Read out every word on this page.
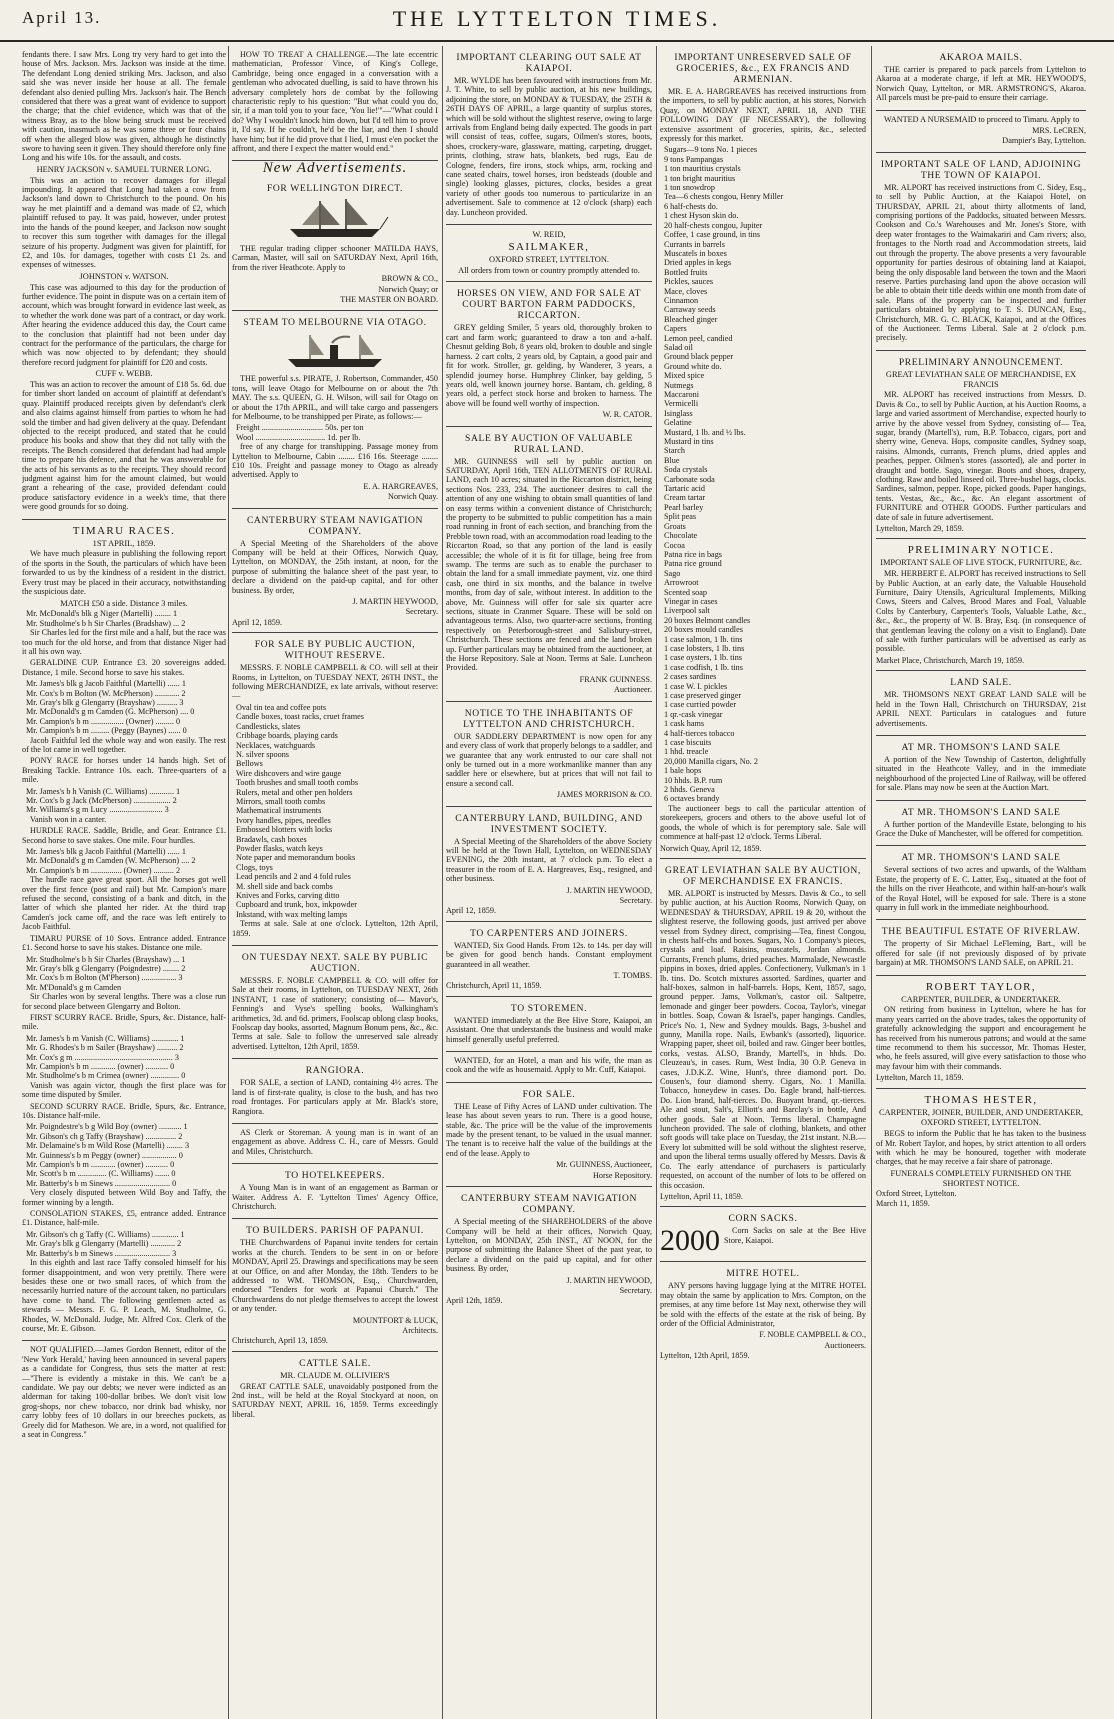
April 13.	THE LYTTELTON TIMES.

fendants there. I saw Mrs. Long try very hard to get into the house of Mrs. Jackson. Mrs. Jackson was inside at the time. The defendant Long denied striking Mrs. Jackson, and also said she was never inside her house at all. The female defendant also denied pulling Mrs. Jackson's hair. The Bench considered that there was a great want of evidence to support the charge; that the chief evidence, which was that of the witness Bray, as to the blow being struck must be received with caution, inasmuch as he was some three or four chains off when the alleged blow was given, although he distinctly swore to having seen it given. They should therefore only fine Long and his wife 10s. for the assault, and costs.

HENRY JACKSON v. SAMUEL TURNER LONG.

This was an action to recover damages for illegal impounding. It appeared that Long had taken a cow from Jackson's land down to Christchurch to the pound. On his way he met plaintiff and a demand was made of £2, which plaintiff refused to pay. It was paid, however, under protest into the hands of the pound keeper, and Jackson now sought to recover this sum together with damages for the illegal seizure of his property. Judgment was given for plaintiff, for £2, and 10s. for damages, together with costs £1 2s. and expenses of witnesses.

JOHNSTON v. WATSON.

This case was adjourned to this day for the production of further evidence. The point in dispute was on a certain item of account, which was brought forward in evidence last week, as to whether the work done was part of a contract, or day work. After hearing the evidence adduced this day, the Court came to the conclusion that plaintiff had not been under day contract for the performance of the particulars, the charge for which was now objected to by defendant; they should therefore record judgment for plaintiff for £20 and costs.

CUFF v. WEBB.

This was an action to recover the amount of £18 5s. 6d. due for timber short landed on account of plaintiff at defendant's quay. Plaintiff produced receipts given by defendant's clerk and also claims against himself from parties to whom he had sold the timber and had given delivery at the quay. Defendant objected to the receipt produced, and stated that he could produce his books and show that they did not tally with the receipts. The Bench considered that defendant had had ample time to prepare his defence, and that he was answerable for the acts of his servants as to the receipts. They should record judgment against him for the amount claimed, but would grant a rehearing of the case, provided defendant could produce satisfactory evidence in a week's time, that there were good grounds for so doing.

TIMARU RACES.
1ST APRIL, 1859.

We have much pleasure in publishing the following report of the sports in the South, the particulars of which have been forwarded to us by the kindness of a resident in the district. Every trust may be placed in their accuracy, notwithstanding the suspicious date.

MATCH £50 a side. Distance 3 miles.
Mr. McDonald's blk g Niger (Martelli) ........ 1
Mr. Studholme's b h Sir Charles (Bradshaw) ... 2

Sir Charles led for the first mile and a half, but the race was too much for the old horse, and from that distance Niger had it all his own way.

GERALDINE CUP. Entrance £3. 20 sovereigns added. Distance, 1 mile. Second horse to save his stakes.

Mr. James's blk g Jacob Faithful (Martelli) ...... 1
Mr. Cox's b m Bolton (W. McPherson) ............ 2
Mr. Gray's blk g Glengarry (Brayshaw) .......... 3
Mr. McDonald's g m Camden (G. McPherson) .... 0
Mr. Campion's b m ................ (Owner) ......... 0
Mr. Campion's b m ......... (Peggy (Baynes) ...... 0

Jacob Faithful led the whole way and won easily. The rest of the lot came in well together.

PONY RACE for horses under 14 hands high. Set of Breaking Tackle. Entrance 10s. each. Three-quarters of a mile.

Mr. James's b h Vanish (C. Williams) ............ 1
Mr. Cox's b g Jack (McPherson) .................. 2
Mr. Williams's g m Lucy .......................... 3

Vanish won in a canter.

HURDLE RACE. Saddle, Bridle, and Gear. Entrance £1. Second horse to save stakes. One mile. Four hurdles.

Mr. James's blk g Jacob Faithful (Martelli) ...... 1
Mr. McDonald's g m Camden (W. McPherson) .... 2
Mr. Campion's b m ............... (Owner) .......... 2

The hurdle race gave great sport. All the horses got well over the first fence (post and rail) but Mr. Campion's mare refused the second, consisting of a bank and ditch, in the latter of which she planted her rider. At the third trap Camden's jock came off, and the race was left entirely to Jacob Faithful.

TIMARU PURSE of 10 Sovs. Entrance added. Entrance £1. Second horse to save his stakes. Distance one mile.

Mr. Studholme's b h Sir Charles (Brayshaw) ... 1
Mr. Gray's blk g Glengarry (Poigndestre) ........ 2
Mr. Cox's b m Bolton (M'Pherson) ................. 3
Mr. M'Donald's g m Camden

Sir Charles won by several lengths. There was a close run for second place between Glengarry and Bolton.

FIRST SCURRY RACE. Bridle, Spurs, &c. Distance, half-mile.

Mr. James's b m Vanish (C. Williams) ............. 1
Mr. G. Rhodes's b m Sailer (Brayshaw) .......... 2
Mr. Cox's g m ................................................ 3
Mr. Campion's b m ............ (owner) ........... 0
Mr. Studholme's b m Crimea (owner) .............. 0

Vanish was again victor, though the first place was for some time disputed by Smiler.

SECOND SCURRY RACE. Bridle, Spurs, &c. Entrance, 10s. Distance half-mile.

Mr. Poigndestre's b g Wild Boy (owner) ........... 1
Mr. Gibson's ch g Taffy (Brayshaw) ............... 2
Mr. Delamaine's b m Wild Rose (Martelli) ........ 3
Mr. Guinness's b m Peggy (owner) ................. 0
Mr. Campion's b m ............ (owner) ........... 0
Mr. Scott's b m .............. (C. Williams) ....... 0
Mr. Batterby's b m Sinews ........................... 0

Very closely disputed between Wild Boy and Taffy, the former winning by a length.

CONSOLATION STAKES, £5, entrance added. Entrance £1. Distance, half-mile.

Mr. Gibson's ch g Taffy (C. Williams) ............. 1
Mr. Gray's blk g Glengarry (Martelli) ............ 2
Mr. Batterby's b m Sinews ........................... 3

In this eighth and last race Taffy consoled himself for his former disappointment, and won very prettily. There were besides these one or two small races, of which from the necessarily hurried nature of the account taken, no particulars have come to hand. The following gentlemen acted as stewards — Messrs. F. G. P. Leach, M. Studholme, G. Rhodes, W. McDonald. Judge, Mr. Alfred Cox. Clerk of the course, Mr. E. Gibson.

NOT QUALIFIED.—James Gordon Bennett, editor of the 'New York Herald,' having been announced in several papers as a candidate for Congress, thus sets the matter at rest:—"There is evidently a mistake in this. We can't be a candidate. We pay our debts; we never were indicted as an alderman for taking 100-dollar bribes. We don't visit low grog-shops, nor chew tobacco, nor drink bad whisky, nor carry lobby fees of 10 dollars in our breeches pockets, as Greely did for Matheson. We are, in a word, not qualified for a seat in Congress."

HOW TO TREAT A CHALLENGE.—The late eccentric mathematician, Professor Vince, of King's College, Cambridge, being once engaged in a conversation with a gentleman who advocated duelling, is said to have thrown his adversary completely hors de combat by the following characteristic reply to his question: "But what could you do, sir, if a man told you to your face, 'You lie!'"—"What could I do? Why I wouldn't knock him down, but I'd tell him to prove it, I'd say. If he couldn't, he'd be the liar, and then I should have him; but if he did prove that I lied, I must e'en pocket the affront, and there I expect the matter would end."

New Advertisements.
FOR WELLINGTON DIRECT.

THE regular trading clipper schooner MATILDA HAYS, Carman, Master, will sail on SATURDAY Next, April 16th, from the river Heathcote. Apply to

BROWN & CO.,
Norwich Quay; or
THE MASTER ON BOARD.
STEAM TO MELBOURNE VIA OTAGO.

THE powerful s.s. PIRATE, J. Robertson, Commander, 450 tons, will leave Otago for Melbourne on or about the 7th MAY. The s.s. QUEEN, G. H. Wilson, will sail for Otago on or about the 17th APRIL, and will take cargo and passengers for Melbourne, to be transhipped per Pirate, as follows:—

Freight .............................. 50s. per ton
Wool .................................. 1d. per lb.

free of any charge for transhipping. Passage money from Lyttelton to Melbourne, Cabin ........ £16 16s. Steerage ........ £10 10s. Freight and passage money to Otago as already advertised. Apply to

E. A. HARGREAVES,
Norwich Quay.
CANTERBURY STEAM NAVIGATION COMPANY.

A Special Meeting of the Shareholders of the above Company will be held at their Offices, Norwich Quay, Lyttelton, on MONDAY, the 25th instant, at noon, for the purpose of submitting the balance sheet of the past year, to declare a dividend on the paid-up capital, and for other business. By order,

J. MARTIN HEYWOOD,
Secretary.
April 12, 1859.
FOR SALE BY PUBLIC AUCTION, WITHOUT RESERVE.

MESSRS. F. NOBLE CAMPBELL & CO. will sell at their Rooms, in Lyttelton, on TUESDAY NEXT, 26TH INST., the following MERCHANDIZE, ex late arrivals, without reserve:—

Oval tin tea and coffee pots
Candle boxes, toast racks, cruet frames
Candlesticks, slates
Cribbage boards, playing cards
Necklaces, watchguards
N. silver spoons
Bellows
Wire dishcovers and wire gauge
Tooth brushes and small tooth combs
Rulers, metal and other pen holders
Mirrors, small tooth combs
Mathematical instruments
Ivory handles, pipes, needles
Embossed blotters with locks
Bradawls, cash boxes
Powder flasks, watch keys
Note paper and memorandum books
Clogs, toys
Lead pencils and 2 and 4 fold rules
M. shell side and back combs
Knives and Forks, carving ditto
Cupboard and trunk, box, inkpowder
Inkstand, with wax melting lamps

Terms at sale. Sale at one o'clock. Lyttelton, 12th April, 1859.

ON TUESDAY NEXT. SALE BY PUBLIC AUCTION.

MESSRS. F. NOBLE CAMPBELL & CO. will offer for Sale at their rooms, in Lyttelton, on TUESDAY NEXT, 26th INSTANT, 1 case of stationery; consisting of— Mavor's, Fenning's and Vyse's spelling books, Walkingham's arithmetics, 3d. and 6d. primers, Foolscap oblong clasp books, Foolscap day books, assorted, Magnum Bonum pens, &c., &c. Terms at sale. Sale to follow the unreserved sale already advertised. Lyttelton, 12th April, 1859.

RANGIORA.

FOR SALE, a section of LAND, containing 4½ acres. The land is of first-rate quality, is close to the bush, and has two road frontages. For particulars apply at Mr. Black's store, Rangiora.

AS Clerk or Storeman. A young man is in want of an engagement as above. Address C. H., care of Messrs. Gould and Miles, Christchurch.

TO HOTELKEEPERS.

A Young Man is in want of an engagement as Barman or Waiter. Address A. F. 'Lyttelton Times' Agency Office, Christchurch.

TO BUILDERS. PARISH OF PAPANUI.

THE Churchwardens of Papanui invite tenders for certain works at the church. Tenders to be sent in on or before MONDAY, April 25. Drawings and specifications may be seen at our Office, on and after Monday, the 18th. Tenders to be addressed to WM. THOMSON, Esq., Churchwarden, endorsed "Tenders for work at Papanui Church." The Churchwardens do not pledge themselves to accept the lowest or any tender.

MOUNTFORT & LUCK,
Architects.
Christchurch, April 13, 1859.
CATTLE SALE.
MR. CLAUDE M. OLLIVIER'S

GREAT CATTLE SALE, unavoidably postponed from the 2nd inst., will be held at the Royal Stockyard at noon, on SATURDAY NEXT, APRIL 16, 1859. Terms exceedingly liberal.

IMPORTANT CLEARING OUT SALE AT KAIAPOI.

MR. WYLDE has been favoured with instructions from Mr. J. T. White, to sell by public auction, at his new buildings, adjoining the store, on MONDAY & TUESDAY, the 25TH & 26TH DAYS OF APRIL, a large quantity of surplus stores, which will be sold without the slightest reserve, owing to large arrivals from England being daily expected. The goods in part will consist of teas, coffee, sugars, Oilmen's stores, boots, shoes, crockery-ware, glassware, matting, carpeting, drugget, prints, clothing, straw hats, blankets, bed rugs, Eau de Cologne, fenders, fire irons, stock whips, arm, rocking and cane seated chairs, towel horses, iron bedsteads (double and single) looking glasses, pictures, clocks, besides a great variety of other goods too numerous to particularize in an advertisement. Sale to commence at 12 o'clock (sharp) each day. Luncheon provided.

W. REID,
SAILMAKER,
OXFORD STREET, LYTTELTON.
All orders from town or country promptly attended to.
HORSES ON VIEW, AND FOR SALE AT COURT BARTON FARM PADDOCKS, RICCARTON.

GREY gelding Smiler, 5 years old, thoroughly broken to cart and farm work; guaranteed to draw a ton and a-half. Chesnut gelding Bob, 8 years old, broken to double and single harness. 2 cart colts, 2 years old, by Captain, a good pair and fit for work. Stroller, gr. gelding, by Wanderer, 3 years, a splendid journey horse. Humphrey Clinker, bay gelding, 5 years old, well known journey horse. Bantam, ch. gelding, 8 years old, a perfect stock horse and broken to harness. The above will be found well worthy of inspection.

W. R. CATOR.
SALE BY AUCTION OF VALUABLE RURAL LAND.

MR. GUINNESS will sell by public auction on SATURDAY, April 16th, TEN ALLOTMENTS OF RURAL LAND, each 10 acres; situated in the Riccarton district, being sections Nos. 233, 234. The auctioneer desires to call the attention of any one wishing to obtain small quantities of land on easy terms within a convenient distance of Christchurch; the property to be submitted to public competition has a main road running in front of each section, and branching from the Prebble town road, with an accommodation road leading to the Riccarton Road, so that any portion of the land is easily accessible; the whole of it is fit for tillage, being free from swamp. The terms are such as to enable the purchaser to obtain the land for a small immediate payment, viz. one third cash, one third in six months, and the balance in twelve months, from day of sale, without interest. In addition to the above, Mr. Guinness will offer for sale six quarter acre sections, situate in Cranmer Square. These will be sold on advantageous terms. Also, two quarter-acre sections, fronting respectively on Peterborough-street and Salisbury-street, Christchurch. These sections are fenced and the land broken up. Further particulars may be obtained from the auctioneer, at the Horse Repository. Sale at Noon. Terms at Sale. Luncheon Provided.

FRANK GUINNESS.
Auctioneer.
NOTICE TO THE INHABITANTS OF LYTTELTON AND CHRISTCHURCH.

OUR SADDLERY DEPARTMENT is now open for any and every class of work that properly belongs to a saddler, and we guarantee that any work entrusted to our care shall not only be turned out in a more workmanlike manner than any saddler here or elsewhere, but at prices that will not fail to ensure a second call.

JAMES MORRISON & CO.
CANTERBURY LAND, BUILDING, AND INVESTMENT SOCIETY.

A Special Meeting of the Shareholders of the above Society will be held at the Town Hall, Lyttelton, on WEDNESDAY EVENING, the 20th instant, at 7 o'clock p.m. To elect a treasurer in the room of E. A. Hargreaves, Esq., resigned, and other business.

J. MARTIN HEYWOOD,
Secretary.
April 12, 1859.
TO CARPENTERS AND JOINERS.

WANTED, Six Good Hands. From 12s. to 14s. per day will be given for good bench hands. Constant employment guaranteed in all weather.

T. TOMBS.
Christchurch, April 11, 1859.
TO STOREMEN.

WANTED immediately at the Bee Hive Store, Kaiapoi, an Assistant. One that understands the business and would make himself generally useful preferred.

WANTED, for an Hotel, a man and his wife, the man as cook and the wife as housemaid. Apply to Mr. Cuff, Kaiapoi.

FOR SALE.

THE Lease of Fifty Acres of LAND under cultivation. The lease has about seven years to run. There is a good house, stable, &c. The price will be the value of the improvements made by the present tenant, to be valued in the usual manner. The tenant is to receive half the value of the buildings at the end of the lease. Apply to

Mr. GUINNESS, Auctioneer,
Horse Repository.
CANTERBURY STEAM NAVIGATION COMPANY.

A Special meeting of the SHAREHOLDERS of the above Company will be held at their offices, Norwich Quay, Lyttelton, on MONDAY, 25th INST., AT NOON, for the purpose of submitting the Balance Sheet of the past year, to declare a dividend on the paid up capital, and for other business. By order,

J. MARTIN HEYWOOD,
Secretary.
April 12th, 1859.
IMPORTANT UNRESERVED SALE OF GROCERIES, &c., EX FRANCIS AND ARMENIAN.

MR. E. A. HARGREAVES has received instructions from the importers, to sell by public auction, at his stores, Norwich Quay, on MONDAY NEXT, APRIL 18, AND THE FOLLOWING DAY (IF NECESSARY), the following extensive assortment of groceries, spirits, &c., selected expressly for this market.

Sugars—9 tons No. 1 pieces
9 tons Pampangas
1 ton mauritius crystals
1 ton bright mauritius
1 ton snowdrop
Tea—6 chests congou, Henry Miller
6 half-chests do.
1 chest Hyson skin do.
20 half-chests congou, Jupiter
Coffee, 1 case ground, in tins
Currants in barrels
Muscatels in boxes
Dried apples in kegs
Bottled fruits
Pickles, sauces
Mace, cloves
Cinnamon
Carraway seeds
Bleached ginger
Capers
Lemon peel, candied
Salad oil
Ground black pepper
Ground white do.
Mixed spice
Nutmegs
Maccaroni
Vermicelli
Isinglass
Gelatine
Mustard, 1 lb. and ½ lbs.
Mustard in tins
Starch
Blue
Soda crystals
Carbonate soda
Tartaric acid
Cream tartar
Pearl barley
Split peas
Groats
Chocolate
Cocoa
Patna rice in bags
Patna rice ground
Sago
Arrowroot
Scented soap
Vinegar in cases
Liverpool salt
20 boxes Belmont candles
20 boxes mould candles
1 case salmon, 1 lb. tins
1 case lobsters, 1 lb. tins
1 case oysters, 1 lb. tins
1 case codfish, 1 lb. tins
2 cases sardines
1 case W. I. pickles
1 case preserved ginger
1 case curried powder
1 qr.-cask vinegar
1 cask hams
4 half-tierces tobacco
1 case biscuits
1 hhd. treacle
20,000 Manilla cigars, No. 2
1 bale hops
10 hhds. B.P. rum
2 hhds. Geneva
6 octaves brandy

The auctioneer begs to call the particular attention of storekeepers, grocers and others to the above useful lot of goods, the whole of which is for peremptory sale. Sale will commence at half-past 12 o'clock. Terms Liberal.

Norwich Quay, April 12, 1859.
GREAT LEVIATHAN SALE BY AUCTION, OF MERCHANDISE EX FRANCIS.

MR. ALPORT is instructed by Messrs. Davis & Co., to sell by public auction, at his Auction Rooms, Norwich Quay, on WEDNESDAY & THURSDAY, APRIL 19 & 20, without the slightest reserve, the following goods, just arrived per above vessel from Sydney direct, comprising—Tea, finest Congou, in chests half-chs and boxes. Sugars, No. 1 Company's pieces, crystals and loaf. Raisins, muscatels, Jordan almonds. Currants, French plums, dried peaches. Marmalade, Newcastle pippins in boxes, dried apples. Confectionery, Vulkman's in 1 lb. tins. Do. Scotch mixtures assorted. Sardines, quarter and half-boxes, salmon in half-barrels. Hops, Kent, 1857, sago, ground pepper. Jams, Volkman's, castor oil. Saltpetre, lemonade and ginger beer powders. Cocoa, Taylor's, vinegar in bottles. Soap, Cowan & Israel's, paper hangings. Candles, Price's No. 1, New and Sydney moulds. Bags, 3-bushel and gunny, Manilla rope. Nails, Ewbank's (assorted), liquorice. Wrapping paper, sheet oil, boiled and raw. Ginger beer bottles, corks, vestas. ALSO, Brandy, Martell's, in hhds. Do. Cleuzeau's, in cases. Rum, West India, 30 O.P. Geneva in cases, J.D.K.Z. Wine, Hunt's, three diamond port. Do. Cousen's, four diamond sherry. Cigars, No. 1 Manilla. Tobacco, honeydew in cases. Do. Eagle brand, half-tierces. Do. Lion brand, half-tierces. Do. Buoyant brand, qr.-tierces. Ale and stout, Salt's, Elliott's and Barclay's in bottle, And other goods. Sale at Noon. Terms liberal. Champagne luncheon provided. The sale of clothing, blankets, and other soft goods will take place on Tuesday, the 21st instant. N.B.—Every lot submitted will be sold without the slightest reserve, and upon the liberal terms usually offered by Messrs. Davis & Co. The early attendance of purchasers is particularly requested, on account of the number of lots to be offered on this occasion.

Lyttelton, April 11, 1859.
CORN SACKS.
2000	Corn Sacks on sale at the Bee Hive Store, Kaiapoi.

MITRE HOTEL.

ANY persons having luggage lying at the MITRE HOTEL may obtain the same by application to Mrs. Compton, on the premises, at any time before 1st May next, otherwise they will be sold with the effects of the estate at the risk of being. By order of the Official Administrator,

F. NOBLE CAMPBELL & CO.,
Auctioneers.
Lyttelton, 12th April, 1859.
AKAROA MAILS.

THE carrier is prepared to pack parcels from Lyttelton to Akaroa at a moderate charge, if left at MR. HEYWOOD'S, Norwich Quay, Lyttelton, or MR. ARMSTRONG'S, Akaroa. All parcels must be pre-paid to ensure their carriage.

WANTED A NURSEMAID to proceed to Timaru. Apply to

MRS. LeCREN,
Dampier's Bay, Lyttelton.
IMPORTANT SALE OF LAND, ADJOINING THE TOWN OF KAIAPOI.

MR. ALPORT has received instructions from C. Sidey, Esq., to sell by Public Auction, at the Kaiapoi Hotel, on THURSDAY, APRIL 21, about thirty allotments of land, comprising portions of the Paddocks, situated between Messrs. Cookson and Co.'s Warehouses and Mr. Jones's Store, with deep water frontages to the Waimakariri and Cam rivers; also, frontages to the North road and Accommodation streets, laid out through the property. The above presents a very favourable opportunity for parties desirous of obtaining land at Kaiapoi, being the only disposable land between the town and the Maori reserve. Parties purchasing land upon the above occasion will be able to obtain their title deeds within one month from date of sale. Plans of the property can be inspected and further particulars obtained by applying to T. S. DUNCAN, Esq., Christchurch, MR. G. C. BLACK, Kaiapoi, and at the Offices of the Auctioneer. Terms Liberal. Sale at 2 o'clock p.m. precisely.

PRELIMINARY ANNOUNCEMENT.
GREAT LEVIATHAN SALE OF MERCHANDISE, EX FRANCIS

MR. ALPORT has received instructions from Messrs. D. Davis & Co., to sell by Public Auction, at his Auction Rooms, a large and varied assortment of Merchandise, expected hourly to arrive by the above vessel from Sydney, consisting of— Tea, sugar, brandy (Martell's), rum, B.P. Tobacco, cigars, port and sherry wine, Geneva. Hops, composite candles, Sydney soap, raisins. Almonds, currants, French plums, dried apples and peaches, pepper. Oilmen's stores (assorted), ale and porter in draught and bottle. Sago, vinegar. Boots and shoes, drapery, clothing. Raw and boiled linseed oil. Three-bushel bags, clocks. Sardines, salmon, pepper. Rope, picked goods. Paper hangings, tents. Vestas, &c., &c., &c. An elegant assortment of FURNITURE and OTHER GOODS. Further particulars and date of sale in future advertisement.

Lyttelton, March 29, 1859.
PRELIMINARY NOTICE.
IMPORTANT SALE OF LIVE STOCK, FURNITURE, &c.

MR. HERBERT E. ALPORT has received instructions to Sell by Public Auction, at an early date, the Valuable Household Furniture, Dairy Utensils, Agricultural Implements, Milking Cows, Steers and Calves, Brood Mares and Foal, Valuable Colts by Canterbury, Carpenter's Tools, Valuable Lathe, &c., &c., &c., the property of W. B. Bray, Esq. (in consequence of that gentleman leaving the colony on a visit to England). Date of sale with further particulars will be advertised as early as possible.

Market Place, Christchurch, March 19, 1859.
LAND SALE.

MR. THOMSON'S NEXT GREAT LAND SALE will be held in the Town Hall, Christchurch on THURSDAY, 21st APRIL NEXT. Particulars in catalogues and future advertisements.

AT MR. THOMSON'S LAND SALE

A portion of the New Township of Casterton, delightfully situated in the Heathcote Valley, and in the immediate neighbourhood of the projected Line of Railway, will be offered for sale. Plans may now be seen at the Auction Mart.

AT MR. THOMSON'S LAND SALE

A further portion of the Mandeville Estate, belonging to his Grace the Duke of Manchester, will be offered for competition.

AT MR. THOMSON'S LAND SALE

Several sections of two acres and upwards, of the Waltham Estate, the property of E. C. Latter, Esq., situated at the foot of the hills on the river Heathcote, and within half-an-hour's walk of the Royal Hotel, will be exposed for sale. There is a stone quarry in full work in the immediate neighbourhood.

THE BEAUTIFUL ESTATE OF RIVERLAW.

The property of Sir Michael LeFleming, Bart., will be offered for sale (if not previously disposed of by private bargain) at MR. THOMSON'S LAND SALE, on APRIL 21.

ROBERT TAYLOR,
CARPENTER, BUILDER, & UNDERTAKER.

ON retiring from business in Lyttelton, where he has for many years carried on the above trades, takes the opportunity of gratefully acknowledging the support and encouragement he has received from his numerous patrons; and would at the same time recommend to them his successor, Mr. Thomas Hester, who, he feels assured, will give every satisfaction to those who may favour him with their commands.

Lyttelton, March 11, 1859.
THOMAS HESTER,
CARPENTER, JOINER, BUILDER, AND UNDERTAKER,
OXFORD STREET, LYTTELTON.

BEGS to inform the Public that he has taken to the business of Mr. Robert Taylor, and hopes, by strict attention to all orders with which he may be honoured, together with moderate charges, that he may receive a fair share of patronage.

FUNERALS COMPLETELY FURNISHED ON THE SHORTEST NOTICE.
Oxford Street, Lyttelton.
March 11, 1859.
